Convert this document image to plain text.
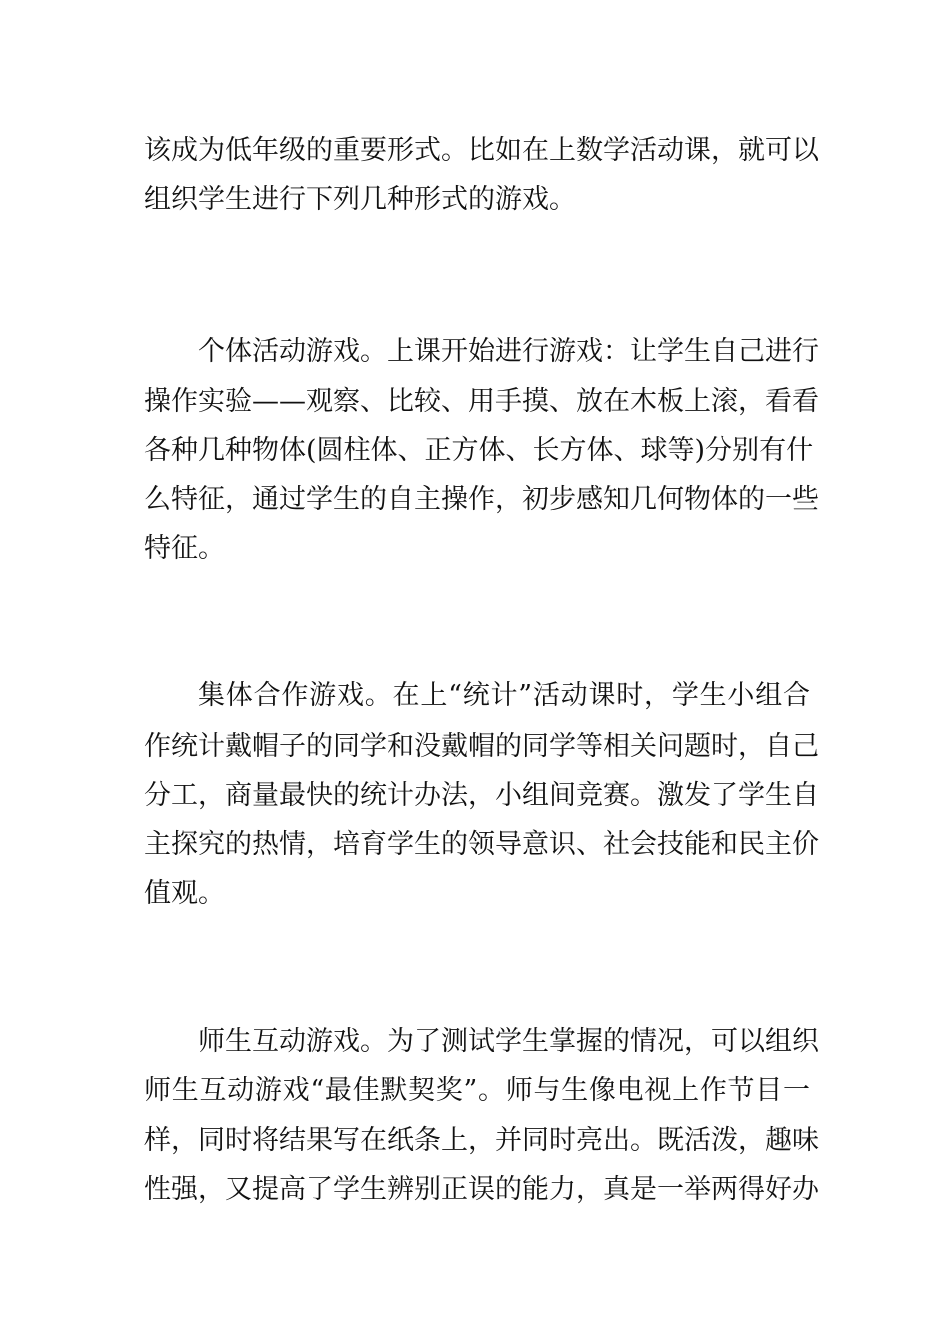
该成为低年级的重要形式。比如在上数学活动课，就可以

组织学生进行下列几种形式的游戏。

个体活动游戏。上课开始进行游戏：让学生自己进行

操作实验——观察、比较、用手摸、放在木板上滚，看看

各种几种物体(圆柱体、正方体、长方体、球等)分别有什

么特征，通过学生的自主操作，初步感知几何物体的一些

特征。

集体合作游戏。在上“统计”活动课时，学生小组合

作统计戴帽子的同学和没戴帽的同学等相关问题时，自己

分工，商量最快的统计办法，小组间竞赛。激发了学生自

主探究的热情，培育学生的领导意识、社会技能和民主价

值观。

师生互动游戏。为了测试学生掌握的情况，可以组织

师生互动游戏“最佳默契奖”。师与生像电视上作节目一

样，同时将结果写在纸条上，并同时亮出。既活泼，趣味

性强，又提高了学生辨别正误的能力，真是一举两得好办
